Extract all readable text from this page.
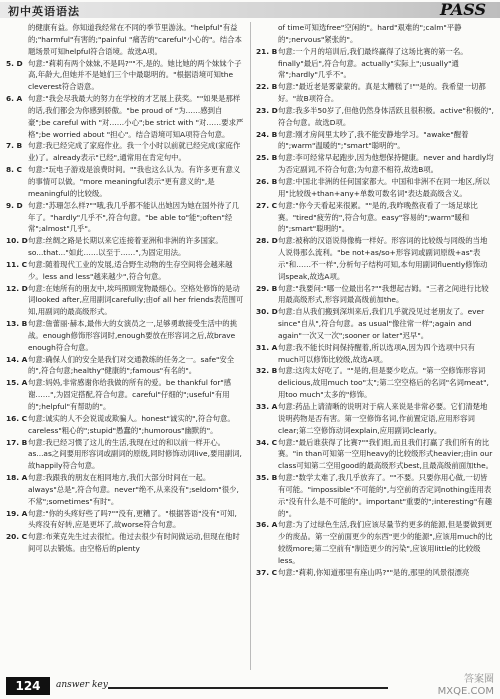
初中英语语法	PASS

的健康有益。你知道我经常在不同的季节里游泳。"helpful"有益的;"harmful"有害的;"painful "痛苦的"careful"小心的"。结合本题场景可知helpful符合语境。故选A项。

5. D 句意:"莉莉有两个妹妹,不是吗?""不,是的。她比她的两个妹妹个子高,年龄大,但她并不是她们三个中最聪明的。"根据语境可知the cleverest符合语意。

6. A 句意:"我会尽我最大的努力在学校的才艺展上获奖。""如果是那样的话,我们都会为你感到骄傲。"be proud of "为……感到自豪";be careful with "对……小心";be strict with "对……要求严格";be worried about "担心"。结合语境可知A项符合句意。

7. B 句意:我已经完成了家庭作业。我一个小时以前就已经完成(家庭作业)了。already表示"已经",通常用在肯定句中。

8. C 句意:"玩电子游戏是浪费时间。""我也这么认为。有许多更有意义的事情可以做。"more meaningful表示"更有意义的",是meaningful的比较级。

9. D 句意:"苏珊怎么样?""哦,我几乎都不能认出她因为她在国外待了几年了。"hardly"几乎不",符合句意。"be able to"能";often"经常";almost"几乎"。

10. D 句意:丝绸之路是长期以来它连接着亚洲和非洲的许多国家。so...that..."如此……以至于……",为固定用法。

11. C 句意:随着现代工业的发展,适合野生动物的生存空间将会越来越少。less and less"越来越少",符合句意。

12. D 句意:在她所有的朋友中,埃玛照顾宠物最细心。空格处修饰的是动词looked after,应用副词carefully;由of all her friends表范围可知,用副词的最高级形式。

13. B 句意:詹蕾丽·赫本,最伟大的女演员之一,足够勇敢接受生活中的挑战。enough修饰形容词时,enough要放在形容词之后,故brave enough符合句意。

14. A 句意:确保人们的安全是我们对交通教练的任务之一。safe"安全的",符合句意;healthy"健康的";famous"有名的"。

15. A 句意:妈妈,非常感谢你给我做的所有的爱。be thankful for"感谢……",为固定搭配,符合句意。careful"仔细的";useful"有用的";helpful"有帮助的"。

16. C 句意:诚实的人不会说谎或欺骗人。honest"诚实的",符合句意。careless"粗心的";stupid"愚蠢的";humorous"幽默的"。

17. B 句意:我已经习惯了这儿的生活,我现在过的和以前一样开心。as...as之间要用形容词或副词的原级,同时修饰动词live,要用副词,故happily符合句意。

18. A 句意:我跟我的朋友在相同地方,我们大部分时间在一起。always"总是",符合句意。never"绝不,从来没有";seldom"很少,不常";sometimes"有时"。

19. A 句意:"你的头疼好些了吗?""没有,更糟了。"根据答语"没有"可知,头疼没有好转,应是更坏了,故worse符合句意。

20. C 句意:布莱克先生过去很忙。他过去很少有时间做运动,但现在他时间可以去锻炼。由空格后的plenty

of time可知选free"空闲的"。hard"艰难的";calm"平静的";nervous"紧张的"。

21. B 句意:一个月的培训后,我们最终赢得了这场比赛的第一名。finally"最后",符合句意。actually"实际上";usually"通常";hardly"几乎不"。

22. B 句意:"最近老是雾蒙蒙的。真是太糟糕了!""是的。我希望一切都好。"故B项符合。

23. D 句意:我多半50岁了,但他仍然身体活跃且很积极。active"积极的",符合句意。故选D项。

24. B 句意:刚才房间里太吵了,我不能安静地学习。"awake"醒着的";warm"温暖的";"smart"聪明的"。

25. B 句意:李可经常早起跑步,因为他想保持健康。never and hardly均为否定副词,不符合句意;为句意不相符,故选B项。

26. B 句意:中国北非洲的任何国家都大。中国和非洲不在同一地区,所以用"比较级+than+any+单数可数名词"表达最高级含义。

27. C 句意:"你今天看起来很累。""是的,我昨晚熬夜看了一场足球比赛。"tired"疲劳的",符合句意。easy"容易的";warm"暖和的";smart"聪明的"。

28. D 句意:被称的汉语说得像梅一样好。形容词的比较级与同级的当地人说得那么流利。"be not+as/so+形容词或副词原级+as"表示"和……不一样",分析句子结构可知,本句用副词fluently修饰动词speak,故选A项。

29. B 句意:"我要问:"哪一位最出名?""我想起吉姆。"三者之间进行比较用最高级形式,形容词最高级前加the。

30. D 句意:自从我们搬到深圳来后,我们几乎就没见过老朋友了。ever since"自从",符合句意。as usual"像往常一样";again and again"一次又一次";sooner or later"迟早"。

31. A 句意:我不能长时间保持醒着,所以选项A,因为四个选项中只有much可以修饰比较级,故选A项。

32. B 句意:这肉太好吃了。""是的,但是要少吃点。"第一空修饰形容词delicious,故用much too"太";第二空空格后的名词"名词meat",用too much"太多的"修饰。

33. A 句意:药品上请清晰的说明对于病人来说是非常必要。它们清楚地说明药物是否有害。第一空修饰名词,作前置定语,应用形容词clear;第二空修饰动词explain,应用副词clearly。

34. C 句意:"最后谁获得了比赛?""我们组,而且我们打赢了我们所有的比赛。"in than可知第一空用heavy的比较级形式heavier;由in our class可知第二空用good的最高级形式best,且最高级前面加the。

35. B 句意:"数学太难了,我几乎放弃了。""不要。只要你用心做,一切皆有可能。"impossible"不可能的",与空前的否定词nothing连用表示"没有什么是不可能的"。important"重要的";interesting"有趣的"。

36. A 句意:为了过绿色生活,我们应该尽量节约更多的能源,但是要做到更少的废品。第一空前面更少的东西"更少的能源",应该用much的比较级more;第二空前有"制造更少的污染",应该用little的比较级less。

37. C 句意:"莉莉,你知道那里有座山吗?""是的,那里的风景很漂亮

124	answer key	答案圈
MXQE.COM
